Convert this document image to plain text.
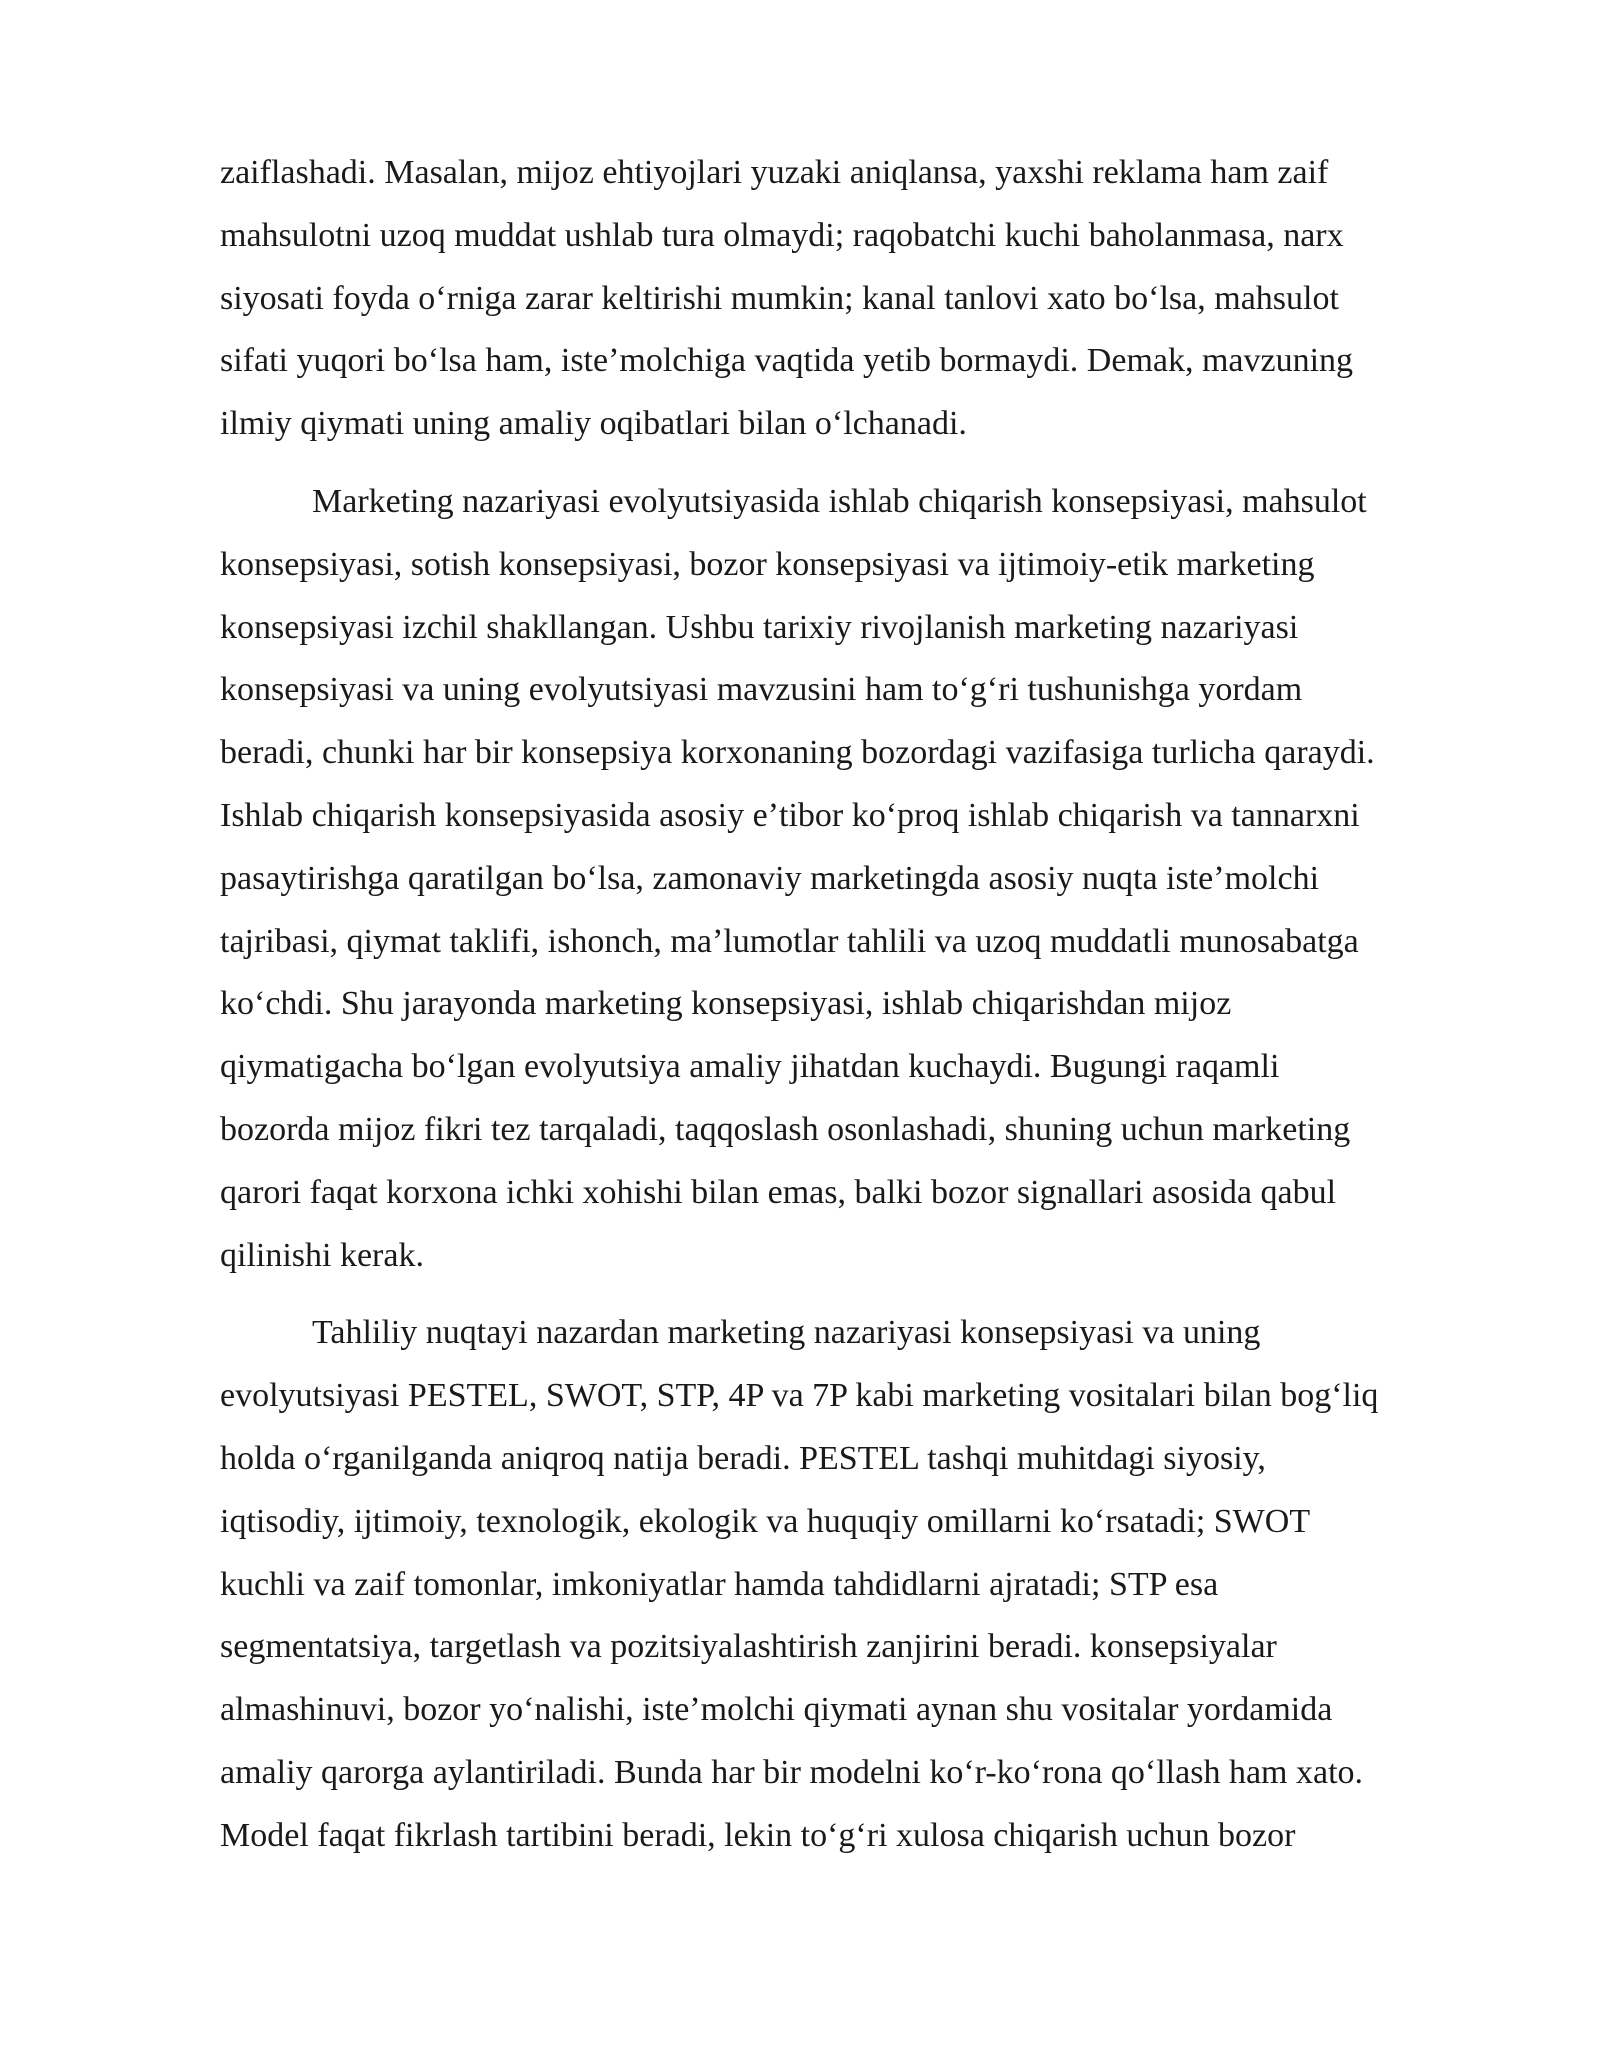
zaiflashadi. Masalan, mijoz ehtiyojlari yuzaki aniqlansa, yaxshi reklama ham zaif
mahsulotni uzoq muddat ushlab tura olmaydi; raqobatchi kuchi baholanmasa, narx
siyosati foyda oʻrniga zarar keltirishi mumkin; kanal tanlovi xato boʻlsa, mahsulot
sifati yuqori boʻlsa ham, isteʼmolchiga vaqtida yetib bormaydi. Demak, mavzuning
ilmiy qiymati uning amaliy oqibatlari bilan oʻlchanadi.

Marketing nazariyasi evolyutsiyasida ishlab chiqarish konsepsiyasi, mahsulot
konsepsiyasi, sotish konsepsiyasi, bozor konsepsiyasi va ijtimoiy-etik marketing
konsepsiyasi izchil shakllangan. Ushbu tarixiy rivojlanish marketing nazariyasi
konsepsiyasi va uning evolyutsiyasi mavzusini ham toʻgʻri tushunishga yordam
beradi, chunki har bir konsepsiya korxonaning bozordagi vazifasiga turlicha qaraydi.
Ishlab chiqarish konsepsiyasida asosiy eʼtibor koʻproq ishlab chiqarish va tannarxni
pasaytirishga qaratilgan boʻlsa, zamonaviy marketingda asosiy nuqta isteʼmolchi
tajribasi, qiymat taklifi, ishonch, maʼlumotlar tahlili va uzoq muddatli munosabatga
koʻchdi. Shu jarayonda marketing konsepsiyasi, ishlab chiqarishdan mijoz
qiymatigacha boʻlgan evolyutsiya amaliy jihatdan kuchaydi. Bugungi raqamli
bozorda mijoz fikri tez tarqaladi, taqqoslash osonlashadi, shuning uchun marketing
qarori faqat korxona ichki xohishi bilan emas, balki bozor signallari asosida qabul
qilinishi kerak.

Tahliliy nuqtayi nazardan marketing nazariyasi konsepsiyasi va uning
evolyutsiyasi PESTEL, SWOT, STP, 4P va 7P kabi marketing vositalari bilan bogʻliq
holda oʻrganilganda aniqroq natija beradi. PESTEL tashqi muhitdagi siyosiy,
iqtisodiy, ijtimoiy, texnologik, ekologik va huquqiy omillarni koʻrsatadi; SWOT
kuchli va zaif tomonlar, imkoniyatlar hamda tahdidlarni ajratadi; STP esa
segmentatsiya, targetlash va pozitsiyalashtirish zanjirini beradi. konsepsiyalar
almashinuvi, bozor yoʻnalishi, isteʼmolchi qiymati aynan shu vositalar yordamida
amaliy qarorga aylantiriladi. Bunda har bir modelni koʻr-koʻrona qoʻllash ham xato.
Model faqat fikrlash tartibini beradi, lekin toʻgʻri xulosa chiqarish uchun bozor
